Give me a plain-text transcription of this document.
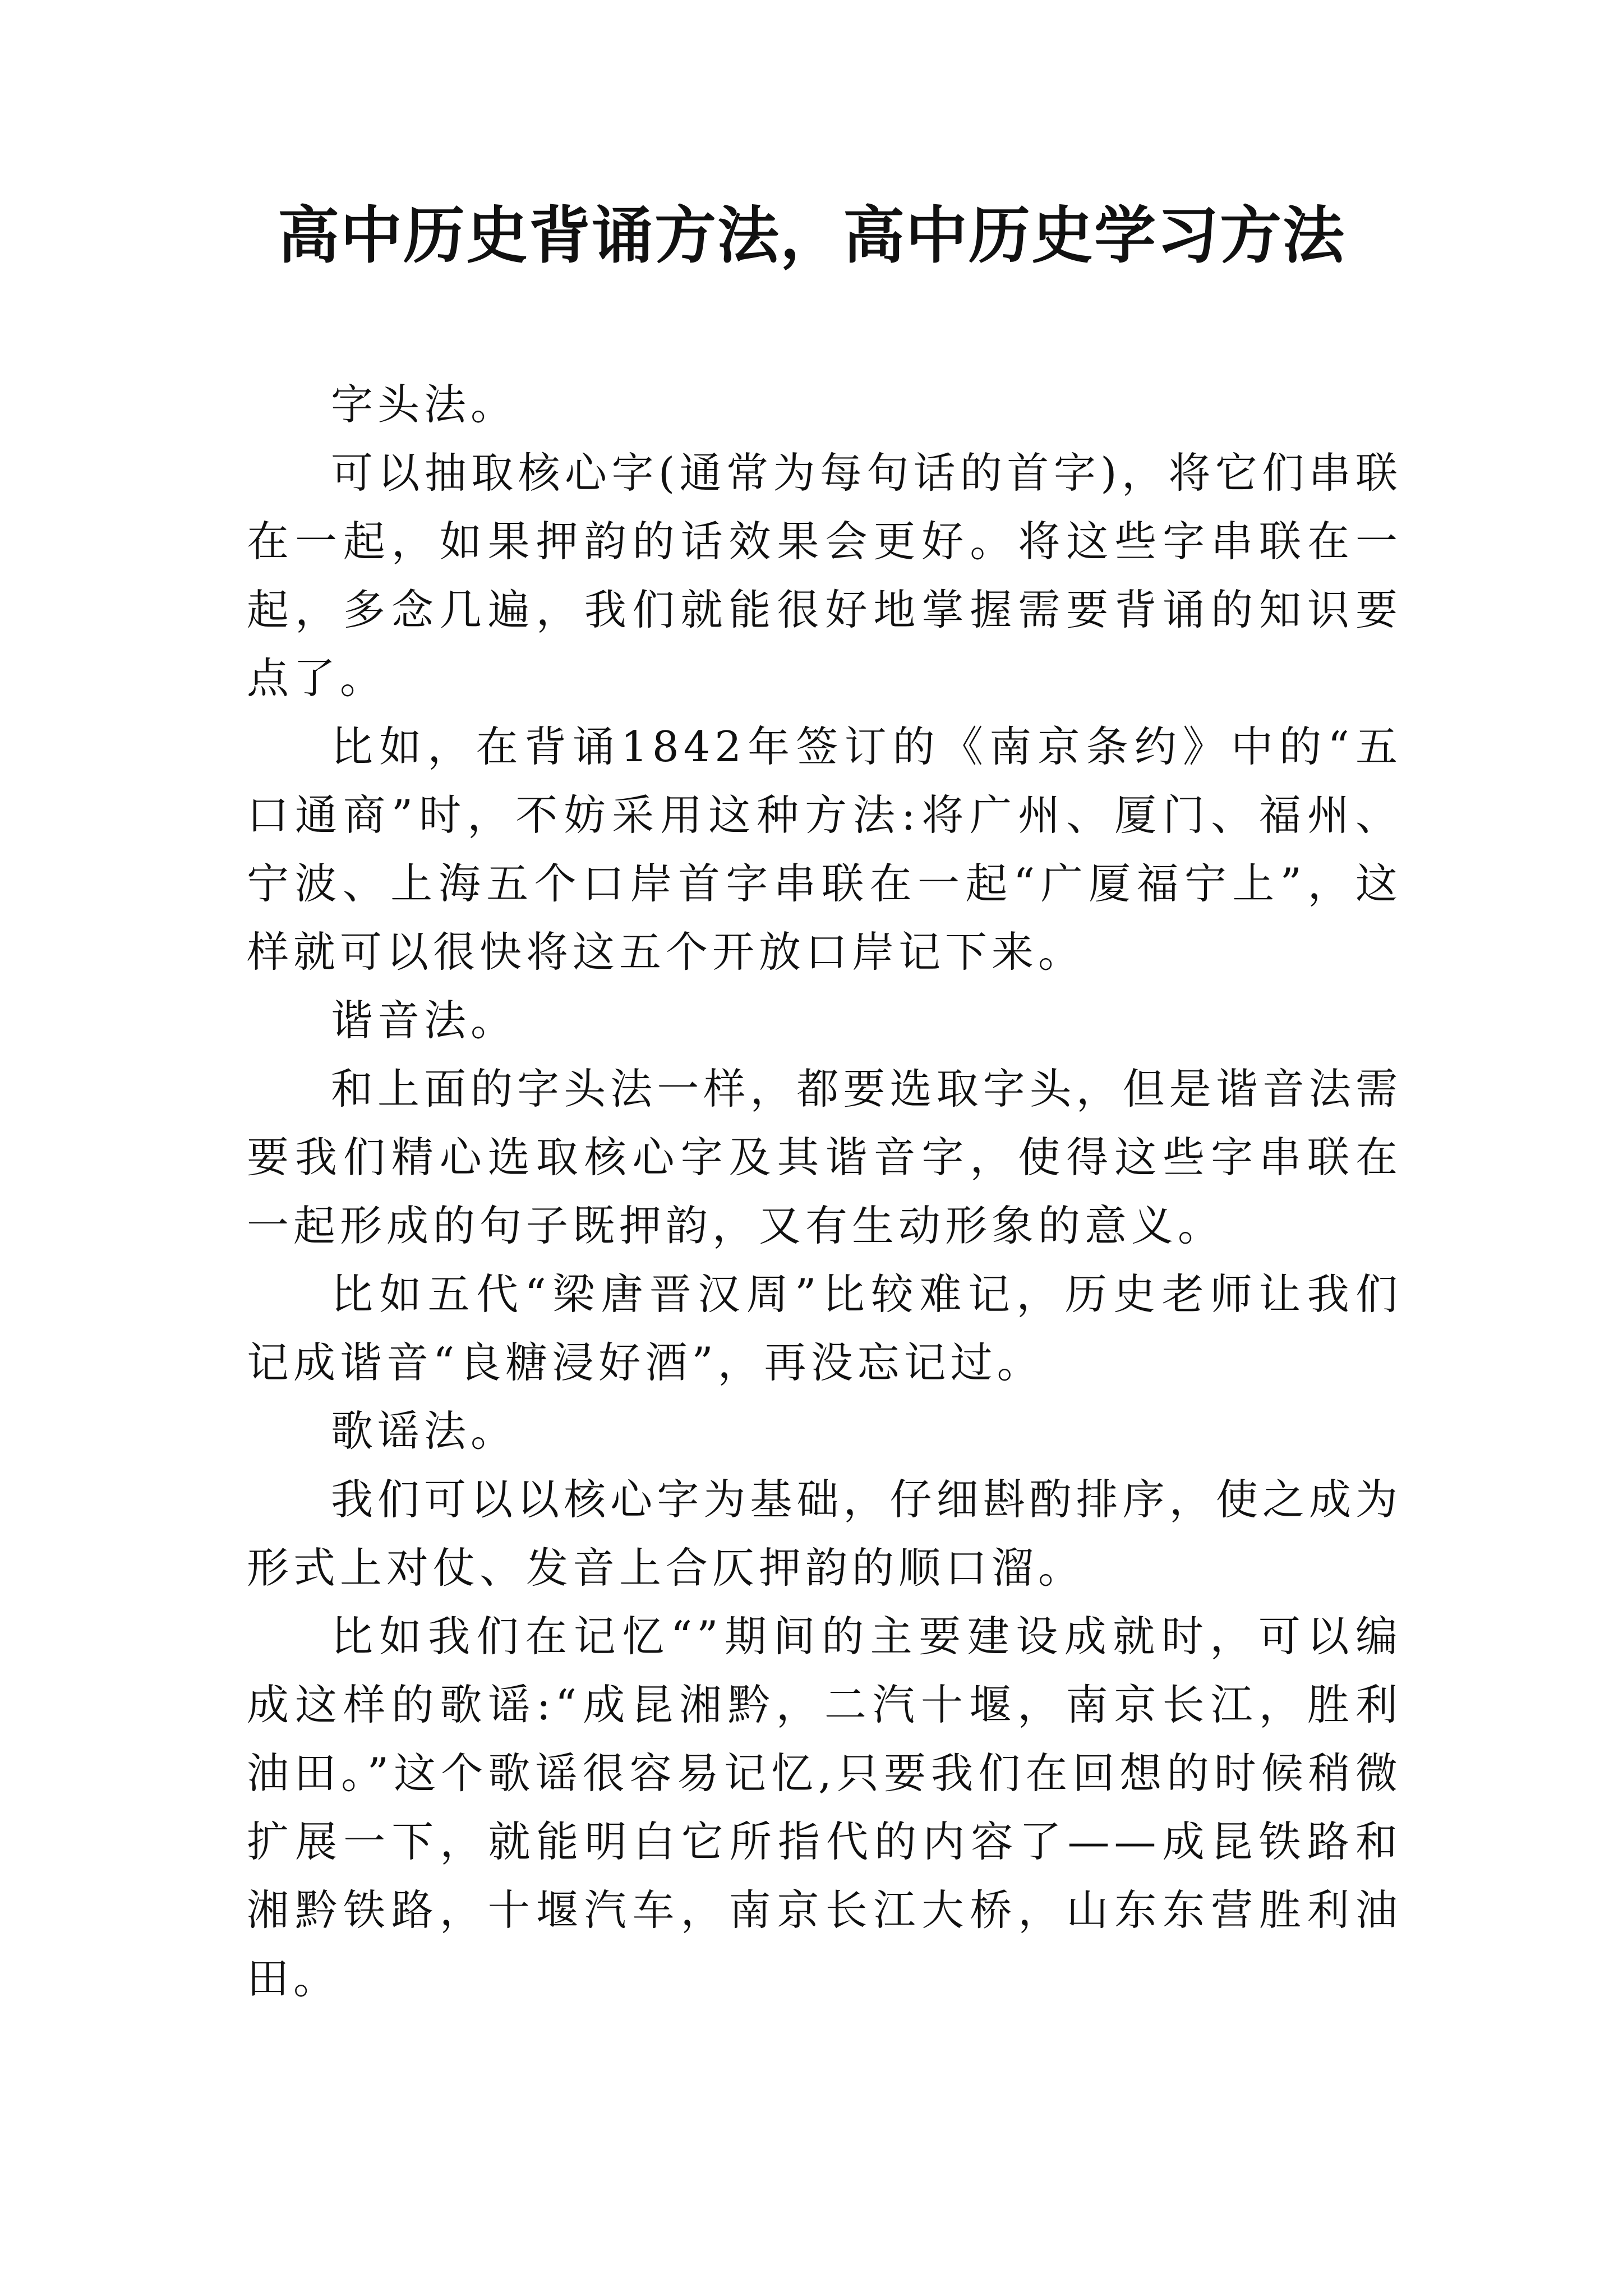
高中历史背诵方法，高中历史学习方法

字头法。

可以抽取核心字(通常为每句话的首字)，将它们串联在一起，如果押韵的话效果会更好。将这些字串联在一起，多念几遍，我们就能很好地掌握需要背诵的知识要点了。

比如，在背诵1842年签订的《南京条约》中的“五口通商”时，不妨采用这种方法:将广州、厦门、福州、宁波、上海五个口岸首字串联在一起“广厦福宁上”，这样就可以很快将这五个开放口岸记下来。

谐音法。

和上面的字头法一样，都要选取字头，但是谐音法需要我们精心选取核心字及其谐音字，使得这些字串联在一起形成的句子既押韵，又有生动形象的意义。

比如五代“梁唐晋汉周”比较难记，历史老师让我们记成谐音“良糖浸好酒”，再没忘记过。

歌谣法。

我们可以以核心字为基础，仔细斟酌排序，使之成为形式上对仗、发音上合仄押韵的顺口溜。

比如我们在记忆“”期间的主要建设成就时，可以编成这样的歌谣:“成昆湘黔，二汽十堰，南京长江，胜利油田。”这个歌谣很容易记忆,只要我们在回想的时候稍微扩展一下，就能明白它所指代的内容了——成昆铁路和湘黔铁路，十堰汽车，南京长江大桥，山东东营胜利油田。
